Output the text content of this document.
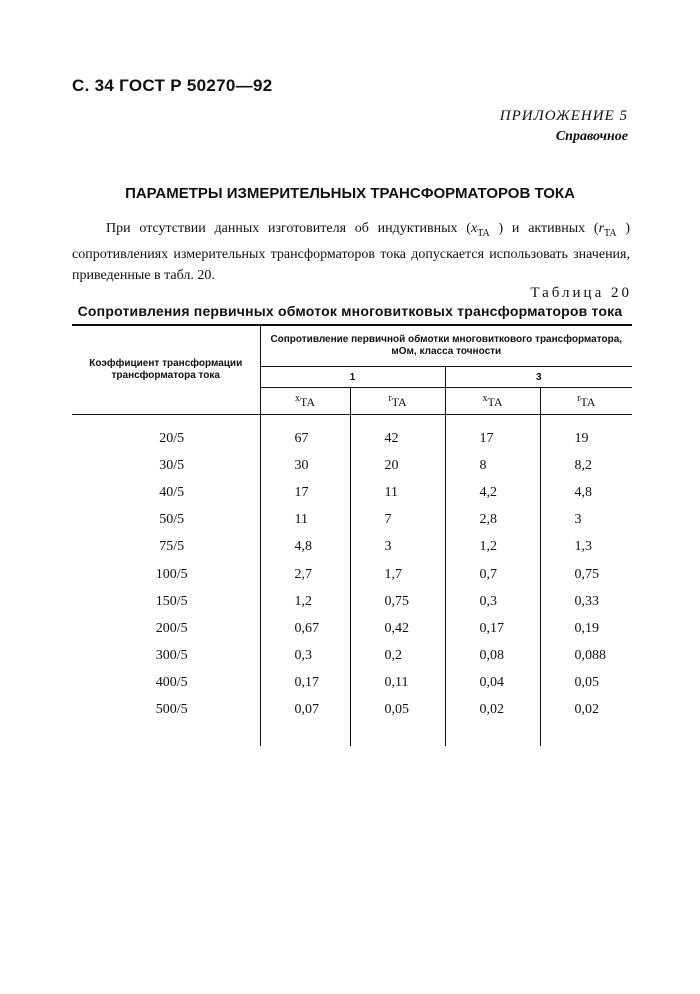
С. 34 ГОСТ Р 50270—92
ПРИЛОЖЕНИЕ 5
Справочное
ПАРАМЕТРЫ ИЗМЕРИТЕЛЬНЫХ ТРАНСФОРМАТОРОВ ТОКА

При отсутствии данных изготовителя об индуктивных ($x_{TA}$ ) и активных ($r_{TA}$ ) сопротивлениях измерительных трансформаторов тока допускается использовать значения, приведенные в табл. 20.

Таблица 20
Сопротивления первичных обмоток многовитковых трансформаторов тока
Коэффициент трансформации трансформатора тока	Сопротивление первичной обмотки многовиткового трансформатора, мОм, класса точности			
	1		3	
	$^x$TA	$^r$TA	$^x$TA	$^r$TA
20/5	67	42	17	19
30/5	30	20	8	8,2
40/5	17	11	4,2	4,8
50/5	11	7	2,8	3
75/5	4,8	3	1,2	1,3
100/5	2,7	1,7	0,7	0,75
150/5	1,2	0,75	0,3	0,33
200/5	0,67	0,42	0,17	0,19
300/5	0,3	0,2	0,08	0,088
400/5	0,17	0,11	0,04	0,05
500/5	0,07	0,05	0,02	0,02
